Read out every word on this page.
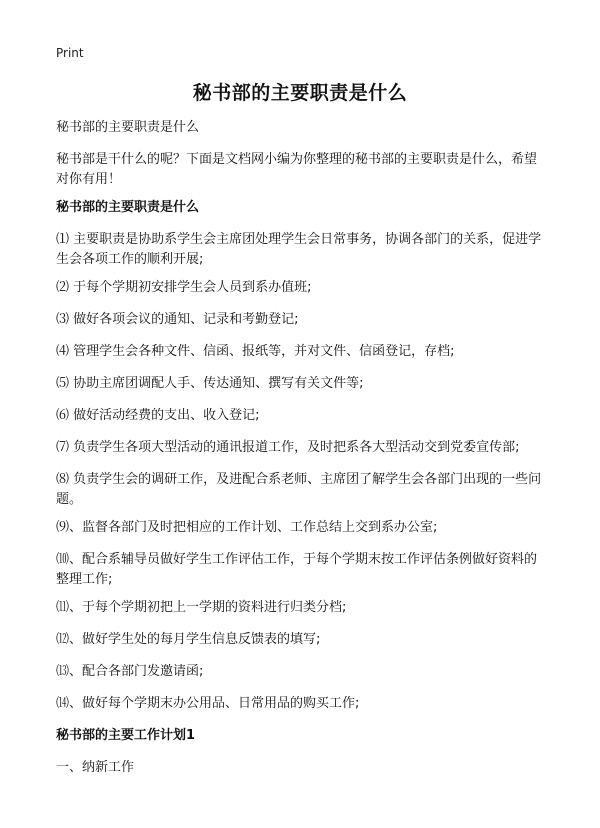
Print
秘书部的主要职责是什么

秘书部的主要职责是什么

秘书部是干什么的呢？下面是文档网小编为你整理的秘书部的主要职责是什么，希望对你有用！

秘书部的主要职责是什么

⑴ 主要职责是协助系学生会主席团处理学生会日常事务，协调各部门的关系，促进学生会各项工作的顺利开展;

⑵ 于每个学期初安排学生会人员到系办值班;

⑶ 做好各项会议的通知、记录和考勤登记;

⑷ 管理学生会各种文件、信函、报纸等，并对文件、信函登记，存档;

⑸ 协助主席团调配人手、传达通知、撰写有关文件等;

⑹ 做好活动经费的支出、收入登记;

⑺ 负责学生各项大型活动的通讯报道工作，及时把系各大型活动交到党委宣传部;

⑻ 负责学生会的调研工作，及进配合系老师、主席团了解学生会各部门出现的一些问题。

⑼、监督各部门及时把相应的工作计划、工作总结上交到系办公室;

⑽、配合系辅导员做好学生工作评估工作，于每个学期末按工作评估条例做好资料的整理工作;

⑾、于每个学期初把上一学期的资料进行归类分档;

⑿、做好学生处的每月学生信息反馈表的填写;

⒀、配合各部门发邀请函;

⒁、做好每个学期末办公用品、日常用品的购买工作;

秘书部的主要工作计划1

一、纳新工作
